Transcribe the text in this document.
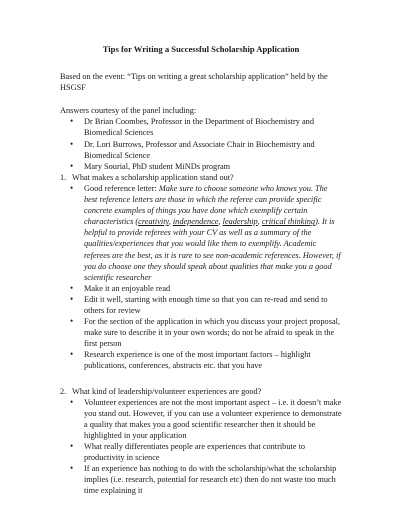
Tips for Writing a Successful Scholarship Application

Based on the event: “Tips on writing a great scholarship application” held by the HSGSF

Answers courtesy of the panel including:

• Dr Brian Coombes, Professor in the Department of Biochemistry and Biomedical Sciences
• Dr. Lori Burrows, Professor and Associate Chair in Biochemistry and Biomedical Science
• Mary Sourial, PhD student MiNDs program
1. What makes a scholarship application stand out?
• Good reference letter: Make sure to choose someone who knows you. The best reference letters are those in which the referee can provide specific concrete examples of things you have done which exemplify certain characteristics (creativity, independence, leadership, critical thinking). It is helpful to provide referees with your CV as well as a summary of the qualities/experiences that you would like them to exemplify. Academic referees are the best, as it is rare to see non-academic references. However, if you do choose one they should speak about qualities that make you a good scientific researcher
• Make it an enjoyable read
• Edit it well, starting with enough time so that you can re-read and send to others for review
• For the section of the application in which you discuss your project proposal, make sure to describe it in your own words; do not be afraid to speak in the first person
• Research experience is one of the most important factors – highlight publications, conferences, abstracts etc. that you have
2. What kind of leadership/volunteer experiences are good?
• Volunteer experiences are not the most important aspect – i.e. it doesn’t make you stand out. However, if you can use a volunteer experience to demonstrate a quality that makes you a good scientific researcher then it should be highlighted in your application
• What really differentiates people are experiences that contribute to productivity in science
• If an experience has nothing to do with the scholarship/what the scholarship implies (i.e. research, potential for research etc) then do not waste too much time explaining it
